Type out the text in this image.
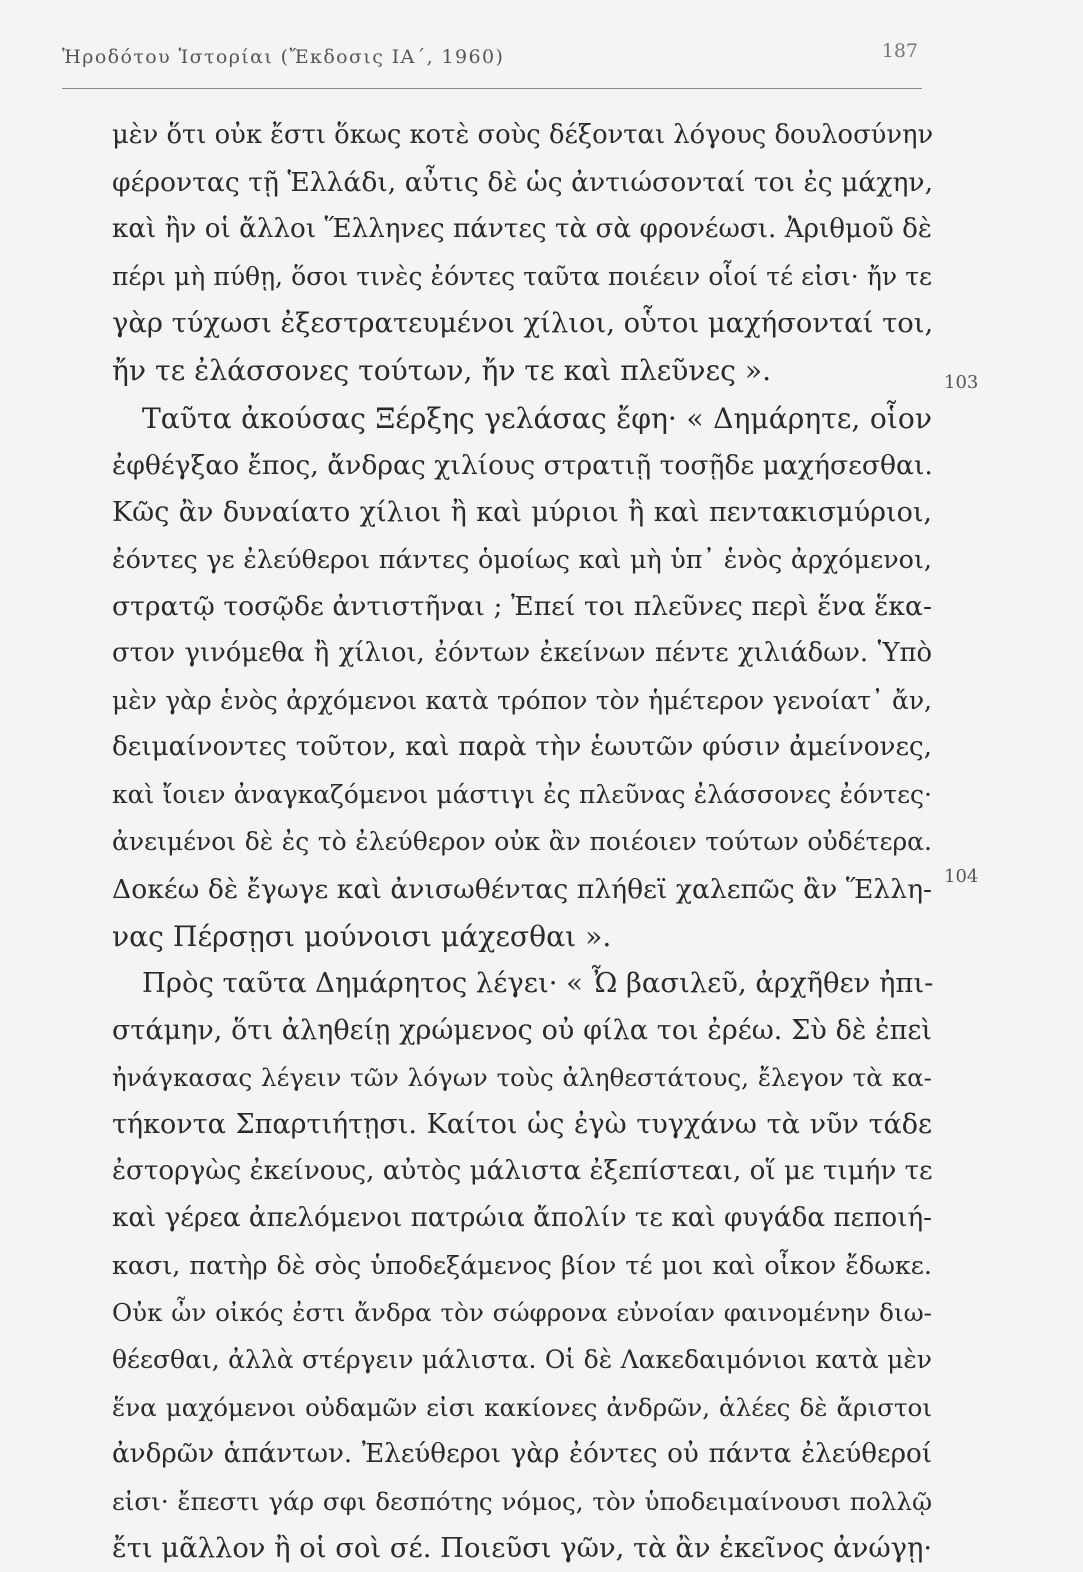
Ἡροδότου Ἱστορίαι (Ἔκδοσις ΙΑ΄, 1960)	187
μὲν ὅτι οὐκ ἔστι ὅκως κοτὲ σοὺς δέξονται λόγους δουλοσύνην
φέροντας τῇ Ἑλλάδι, αὖτις δὲ ὡς ἀντιώσονταί τοι ἐς μάχην,
καὶ ἢν οἱ ἄλλοι Ἕλληνες πάντες τὰ σὰ φρονέωσι. Ἀριθμοῦ δὲ
πέρι μὴ πύθῃ, ὅσοι τινὲς ἐόντες ταῦτα ποιέειν οἷοί τέ εἰσι· ἤν τε
γὰρ τύχωσι ἐξεστρατευμένοι χίλιοι, οὗτοι μαχήσονταί τοι,
ἤν τε ἐλάσσονες τούτων, ἤν τε καὶ πλεῦνες ».
Ταῦτα ἀκούσας Ξέρξης γελάσας ἔφη· « Δημάρητε, οἷον
ἐφθέγξαο ἔπος, ἄνδρας χιλίους στρατιῇ τοσῇδε μαχήσεσθαι.
Κῶς ἂν δυναίατο χίλιοι ἢ καὶ μύριοι ἢ καὶ πεντακισμύριοι,
ἐόντες γε ἐλεύθεροι πάντες ὁμοίως καὶ μὴ ὑπ᾽ ἑνὸς ἀρχόμενοι,
στρατῷ τοσῷδε ἀντιστῆναι ; Ἐπεί τοι πλεῦνες περὶ ἕνα ἕκα-
στον γινόμεθα ἢ χίλιοι, ἐόντων ἐκείνων πέντε χιλιάδων. Ὑπὸ
μὲν γὰρ ἑνὸς ἀρχόμενοι κατὰ τρόπον τὸν ἡμέτερον γενοίατ᾽ ἄν,
δειμαίνοντες τοῦτον, καὶ παρὰ τὴν ἑωυτῶν φύσιν ἀμείνονες,
καὶ ἴοιεν ἀναγκαζόμενοι μάστιγι ἐς πλεῦνας ἐλάσσονες ἐόντες·
ἀνειμένοι δὲ ἐς τὸ ἐλεύθερον οὐκ ἂν ποιέοιεν τούτων οὐδέτερα.
Δοκέω δὲ ἔγωγε καὶ ἀνισωθέντας πλήθεϊ χαλεπῶς ἂν Ἕλλη-
νας Πέρσῃσι μούνοισι μάχεσθαι ».
Πρὸς ταῦτα Δημάρητος λέγει· « Ὦ βασιλεῦ, ἀρχῆθεν ἠπι-
στάμην, ὅτι ἀληθείῃ χρώμενος οὐ φίλα τοι ἐρέω. Σὺ δὲ ἐπεὶ
ἠνάγκασας λέγειν τῶν λόγων τοὺς ἀληθεστάτους, ἔλεγον τὰ κα-
τήκοντα Σπαρτιήτῃσι. Καίτοι ὡς ἐγὼ τυγχάνω τὰ νῦν τάδε
ἐστοργὼς ἐκείνους, αὐτὸς μάλιστα ἐξεπίστεαι, οἵ με τιμήν τε
καὶ γέρεα ἀπελόμενοι πατρώια ἄπολίν τε καὶ φυγάδα πεποιή-
κασι, πατὴρ δὲ σὸς ὑποδεξάμενος βίον τέ μοι καὶ οἶκον ἔδωκε.
Οὐκ ὦν οἰκός ἐστι ἄνδρα τὸν σώφρονα εὐνοίαν φαινομένην διω-
θέεσθαι, ἀλλὰ στέργειν μάλιστα. Οἱ δὲ Λακεδαιμόνιοι κατὰ μὲν
ἕνα μαχόμενοι οὐδαμῶν εἰσι κακίονες ἀνδρῶν, ἁλέες δὲ ἄριστοι
ἀνδρῶν ἁπάντων. Ἐλεύθεροι γὰρ ἐόντες οὐ πάντα ἐλεύθεροί
εἰσι· ἔπεστι γάρ σφι δεσπότης νόμος, τὸν ὑποδειμαίνουσι πολλῷ
ἔτι μᾶλλον ἢ οἱ σοὶ σέ. Ποιεῦσι γῶν, τὰ ἂν ἐκεῖνος ἀνώγῃ·
103
104
